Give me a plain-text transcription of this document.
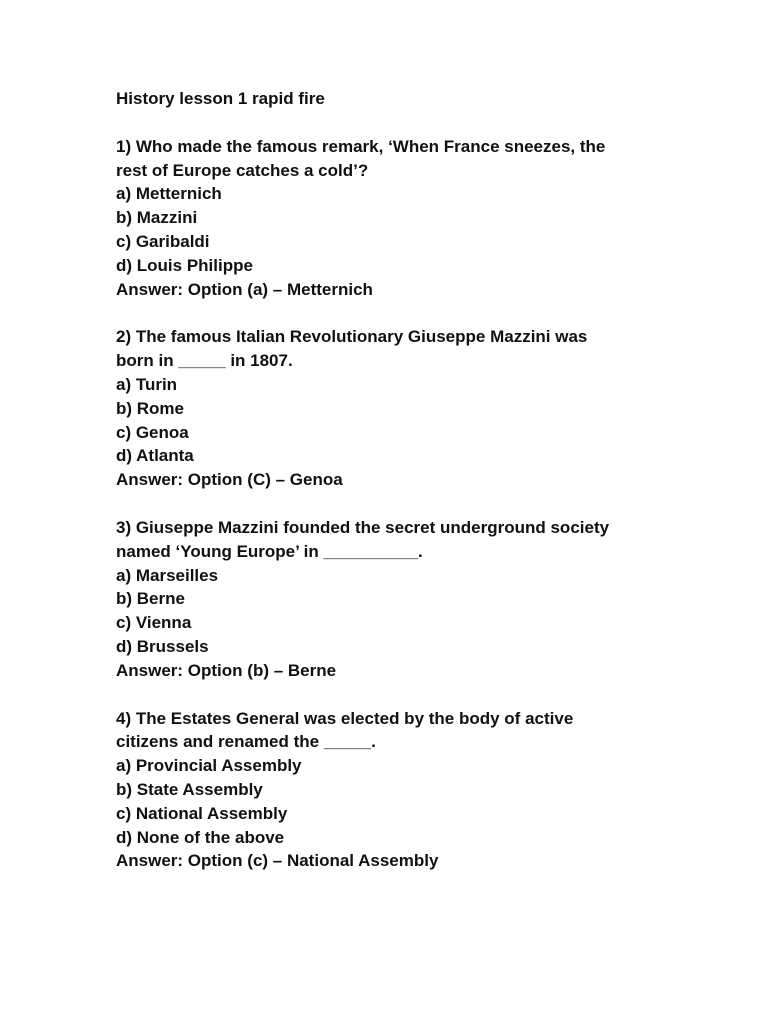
History lesson 1 rapid fire
1) Who made the famous remark, ‘When France sneezes, the
rest of Europe catches a cold’?
a) Metternich
b) Mazzini
c) Garibaldi
d) Louis Philippe
Answer: Option (a) – Metternich
2) The famous Italian Revolutionary Giuseppe Mazzini was
born in _____ in 1807.
a) Turin
b) Rome
c) Genoa
d) Atlanta
Answer: Option (C) – Genoa
3) Giuseppe Mazzini founded the secret underground society
named ‘Young Europe’ in __________.
a) Marseilles
b) Berne
c) Vienna
d) Brussels
Answer: Option (b) – Berne
4) The Estates General was elected by the body of active
citizens and renamed the _____.
a) Provincial Assembly
b) State Assembly
c) National Assembly
d) None of the above
Answer: Option (c) – National Assembly
